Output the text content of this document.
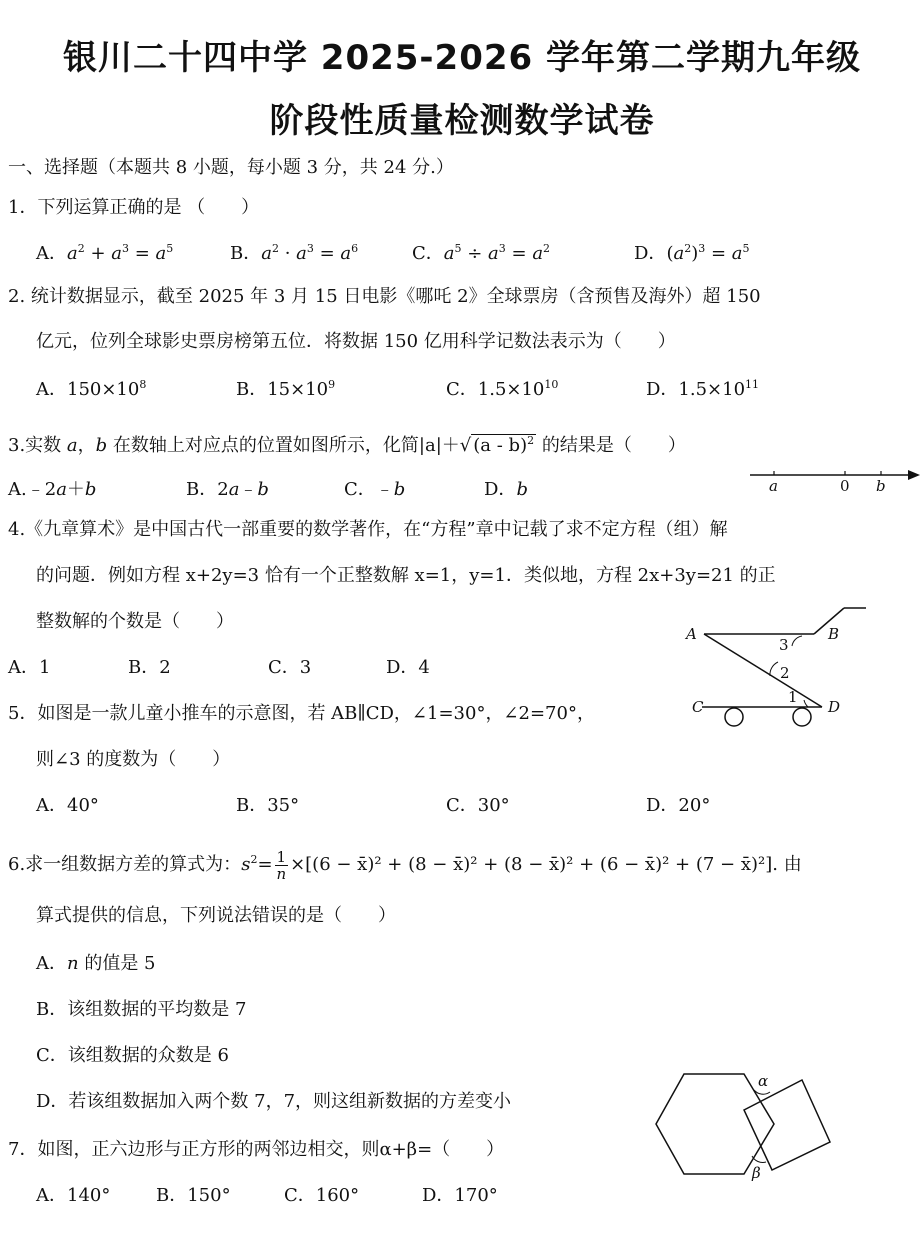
银川二十四中学 2025-2026 学年第二学期九年级
阶段性质量检测数学试卷
一、选择题（本题共 8 小题，每小题 3 分，共 24 分.）
1．下列运算正确的是 （　　）
A．$a^2 + a^3 = a^5$	B．$a^2 \cdot a^3 = a^6$	C．$a^5 \div a^3 = a^2$	D．$(a^2)^3 = a^5$
2. 统计数据显示，截至 2025 年 3 月 15 日电影《哪吒 2》全球票房（含预售及海外）超 150
亿元，位列全球影史票房榜第五位．将数据 150 亿用科学记数法表示为（　　）
A．$150\times 10^8$	B．$15\times 10^9$	C．$1.5\times 10^{10}$	D．$1.5\times 10^{11}$
3.实数 a，b 在数轴上对应点的位置如图所示，化简|a|＋√ (a - b)$^2$ 的结果是（　　）
A.﹣2a＋b	B．2a﹣b	C．﹣b	D．b	a	0 b
4.《九章算术》是中国古代一部重要的数学著作，在“方程”章中记载了求不定方程（组）解
的问题．例如方程 x+2y=3 恰有一个正整数解 x=1，y=1．类似地，方程 2x+3y=21 的正
整数解的个数是（　　）
A．1	B．2	C．3	D．4
A	B
C	D
1
2
3
5．如图是一款儿童小推车的示意图，若 AB∥CD，∠1=30°，∠2=70°，
则∠3 的度数为（　　）
A．40°	B．35°	C．30°	D．20°
6.求一组数据方差的算式为：$s^2= \frac{1}{n} \times[(6$ − x̄)² + (8 − x̄)² + (8 − x̄)² + (6 − x̄)² + (7 − x̄)²]. 由
算式提供的信息，下列说法错误的是（　　）
A．n 的值是 5
B．该组数据的平均数是 7
C．该组数据的众数是 6
D．若该组数据加入两个数 7，7，则这组新数据的方差变小
α
β
7．如图，正六边形与正方形的两邻边相交，则α+β=（　　）
A．140°	B．150°	C．160°	D．170°
